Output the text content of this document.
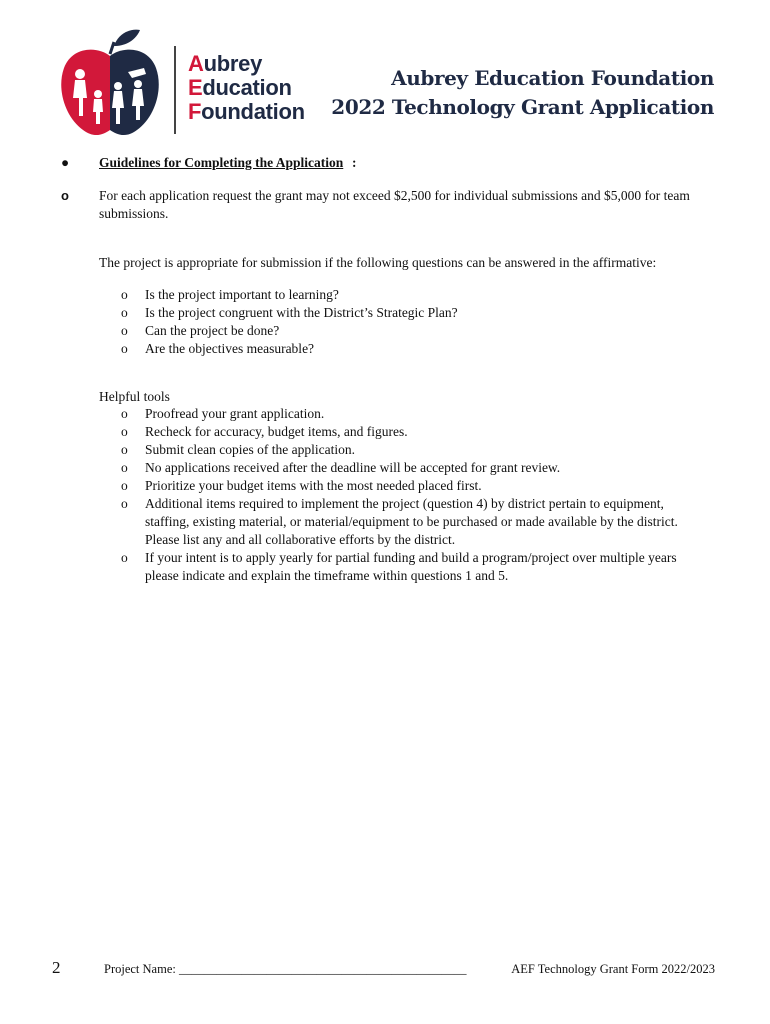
Aubrey
Education
Foundation
Aubrey Education Foundation
2022 Technology Grant Application
● Guidelines for Completing the Application :
o For each application request the grant may not exceed $2,500 for individual submissions and $5,000 for team submissions.
The project is appropriate for submission if the following questions can be answered in the affirmative:
o Is the project important to learning?
o Is the project congruent with the District’s Strategic Plan?
o Can the project be done?
o Are the objectives measurable?
Helpful tools
o Proofread your grant application.
o Recheck for accuracy, budget items, and figures.
o Submit clean copies of the application.
o No applications received after the deadline will be accepted for grant review.
o Prioritize your budget items with the most needed placed first.
o Additional items required to implement the project (question 4) by district pertain to equipment, staffing, existing material, or material/equipment to be purchased or made available by the district. Please list any and all collaborative efforts by the district.
o If your intent is to apply yearly for partial funding and build a program/project over multiple years please indicate and explain the timeframe within questions 1 and 5.
2	Project Name: ______________________________________________	AEF Technology Grant Form 2022/2023
